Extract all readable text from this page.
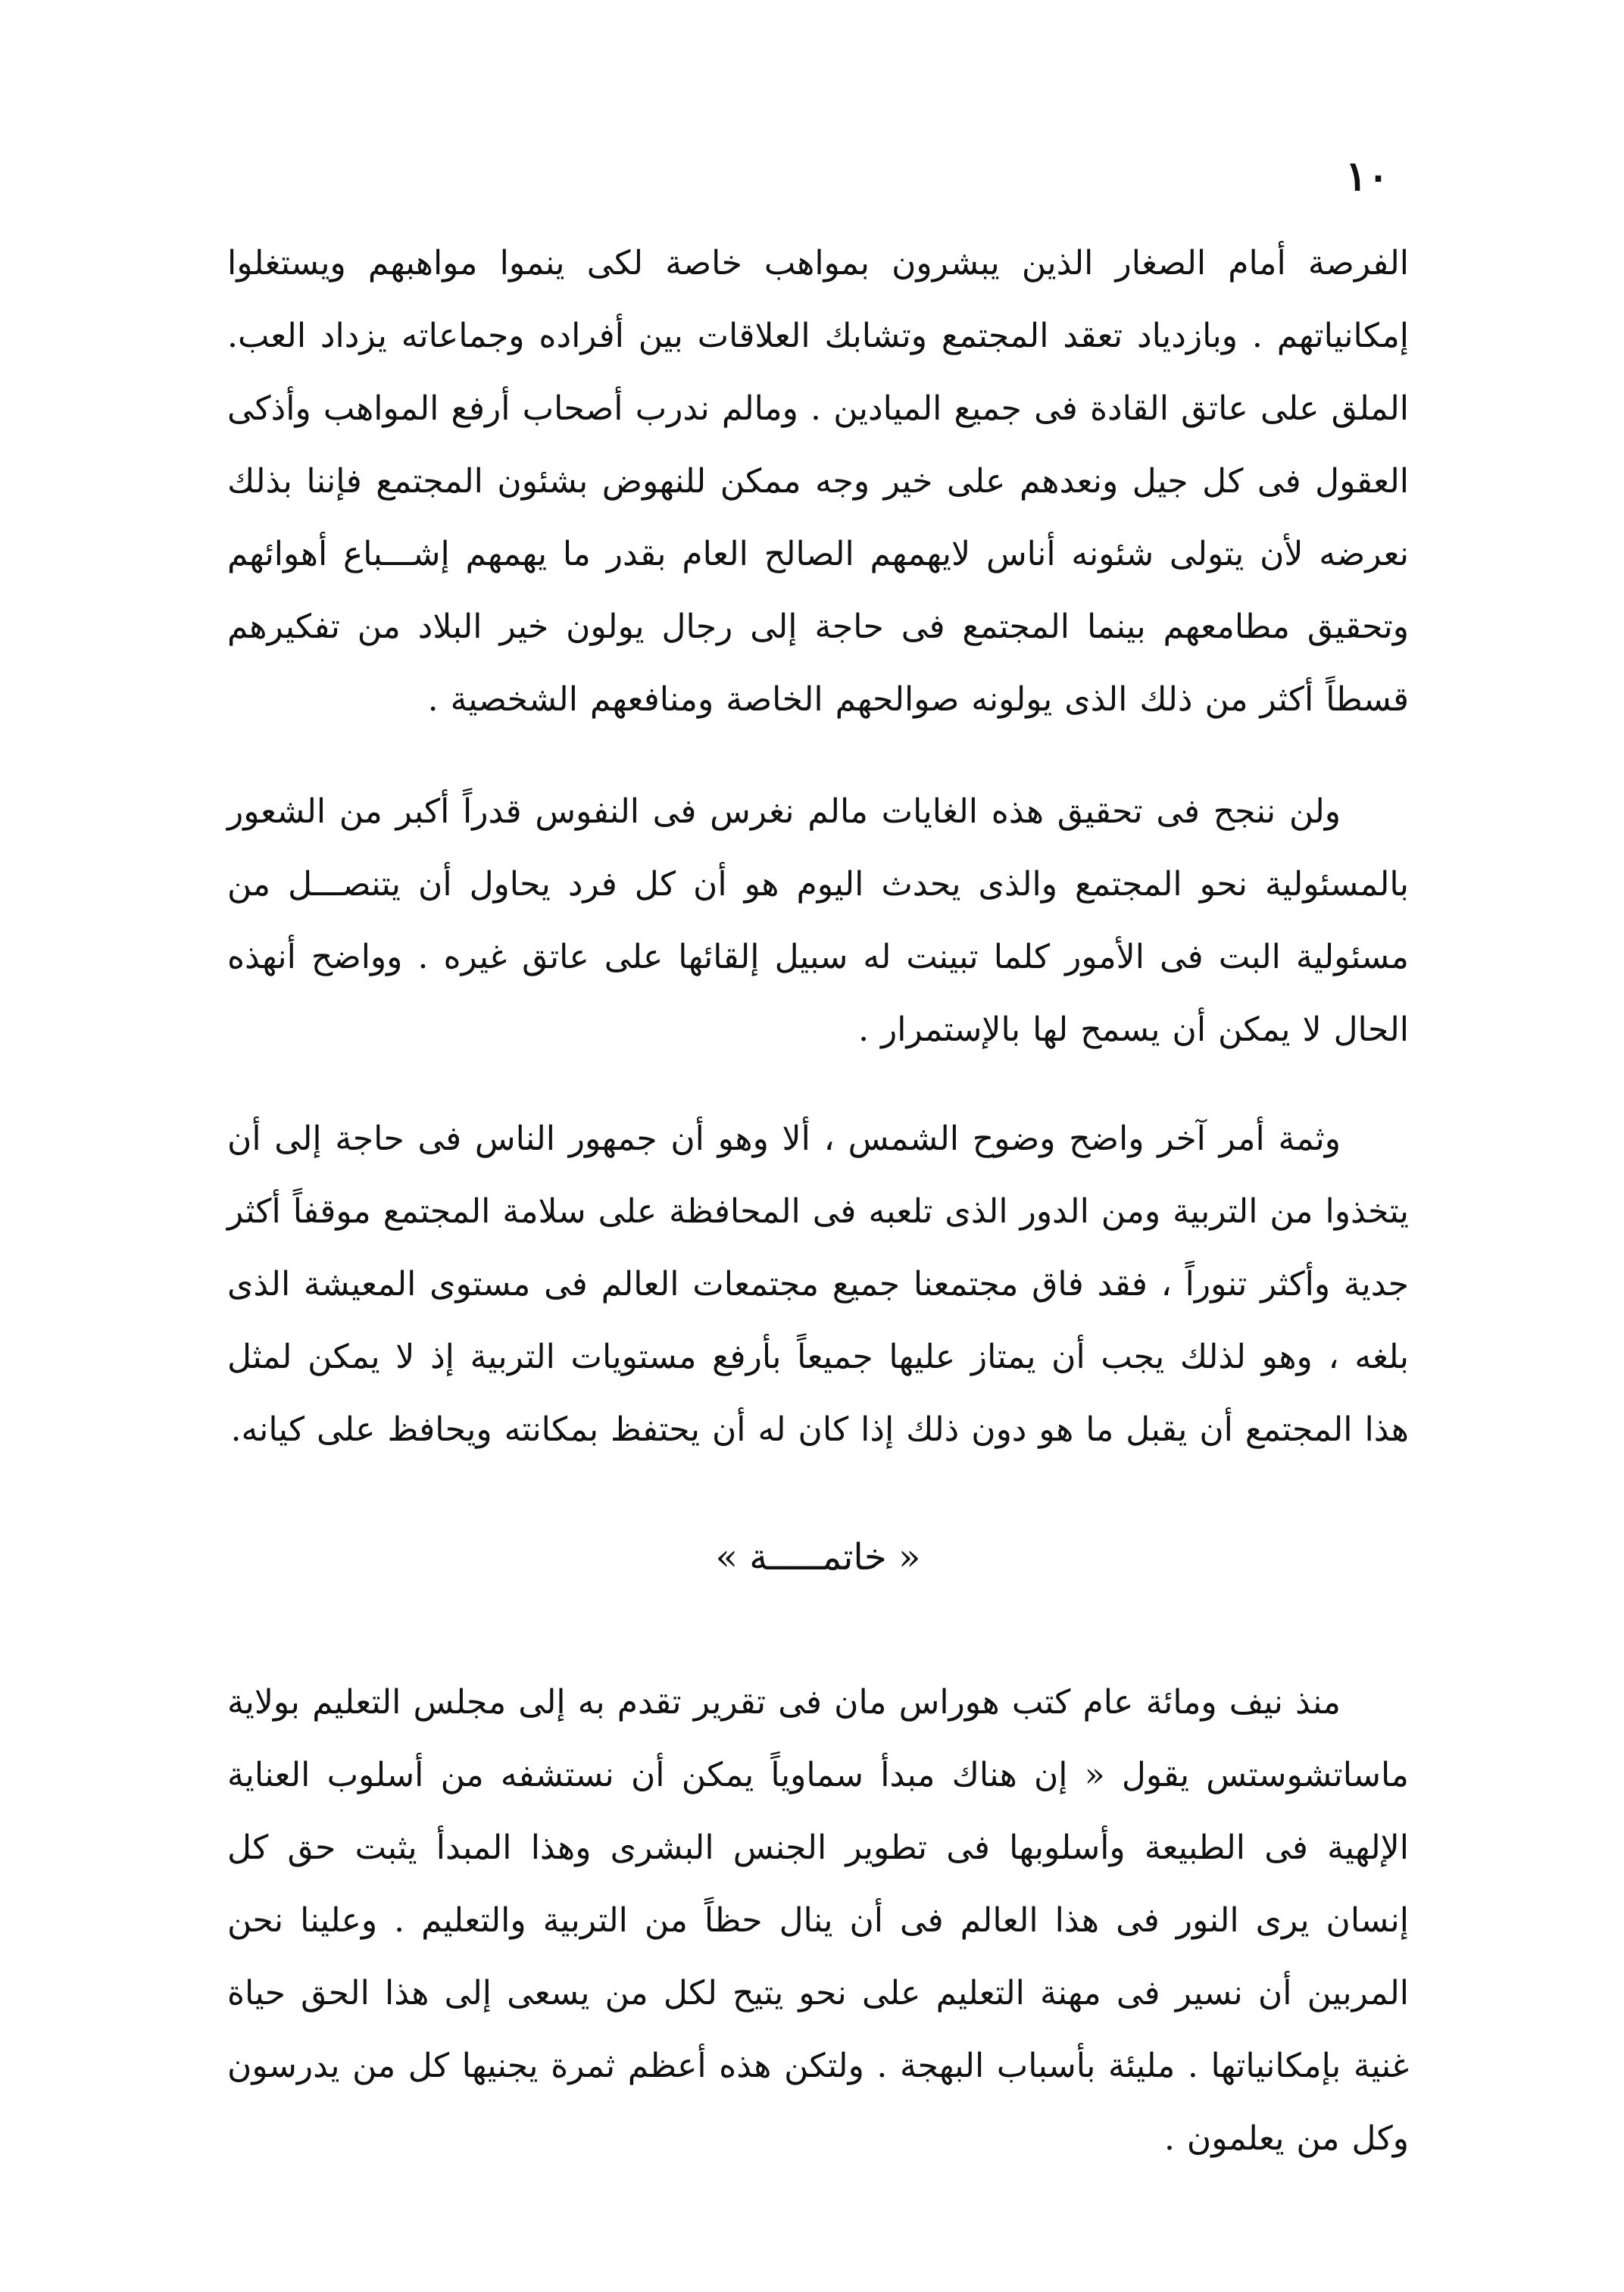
١٠

الفرصة أمام الصغار الذين يبشرون بمواهب خاصة لكى ينموا مواهبهم ويستغلوا إمكانياتهم . وبازدياد تعقد المجتمع وتشابك العلاقات بين أفراده وجماعاته يزداد العب. الملق على عاتق القادة فى جميع الميادين . ومالم ندرب أصحاب أرفع المواهب وأذكى العقول فى كل جيل ونعدهم على خير وجه ممكن للنهوض بشئون المجتمع فإننا بذلك نعرضه لأن يتولى شئونه أناس لايهمهم الصالح العام بقدر ما يهمهم إشـــباع أهوائهم وتحقيق مطامعهم بينما المجتمع فى حاجة إلى رجال يولون خير البلاد من تفكيرهم قسطاً أكثر من ذلك الذى يولونه صوالحهم الخاصة ومنافعهم الشخصية .

ولن ننجح فى تحقيق هذه الغايات مالم نغرس فى النفوس قدراً أكبر من الشعور بالمسئولية نحو المجتمع والذى يحدث اليوم هو أن كل فرد يحاول أن يتنصـــل من مسئولية البت فى الأمور كلما تبينت له سبيل إلقائها على عاتق غيره . وواضح أنهذه الحال لا يمكن أن يسمح لها بالإستمرار .

وثمة أمر آخر واضح وضوح الشمس ، ألا وهو أن جمهور الناس فى حاجة إلى أن يتخذوا من التربية ومن الدور الذى تلعبه فى المحافظة على سلامة المجتمع موقفاً أكثر جدية وأكثر تنوراً ، فقد فاق مجتمعنا جميع مجتمعات العالم فى مستوى المعيشة الذى بلغه ، وهو لذلك يجب أن يمتاز عليها جميعاً بأرفع مستويات التربية إذ لا يمكن لمثل هذا المجتمع أن يقبل ما هو دون ذلك إذا كان له أن يحتفظ بمكانته ويحافظ على كيانه.

« خاتمـــــة »

منذ نيف ومائة عام كتب هوراس مان فى تقرير تقدم به إلى مجلس التعليم بولاية ماساتشوستس يقول « إن هناك مبدأ سماوياً يمكن أن نستشفه من أسلوب العناية الإلهية فى الطبيعة وأسلوبها فى تطوير الجنس البشرى وهذا المبدأ يثبت حق كل إنسان يرى النور فى هذا العالم فى أن ينال حظاً من التربية والتعليم . وعلينا نحن المربين أن نسير فى مهنة التعليم على نحو يتيح لكل من يسعى إلى هذا الحق حياة غنية بإمكانياتها . مليئة بأسباب البهجة . ولتكن هذه أعظم ثمرة يجنيها كل من يدرسون وكل من يعلمون .
